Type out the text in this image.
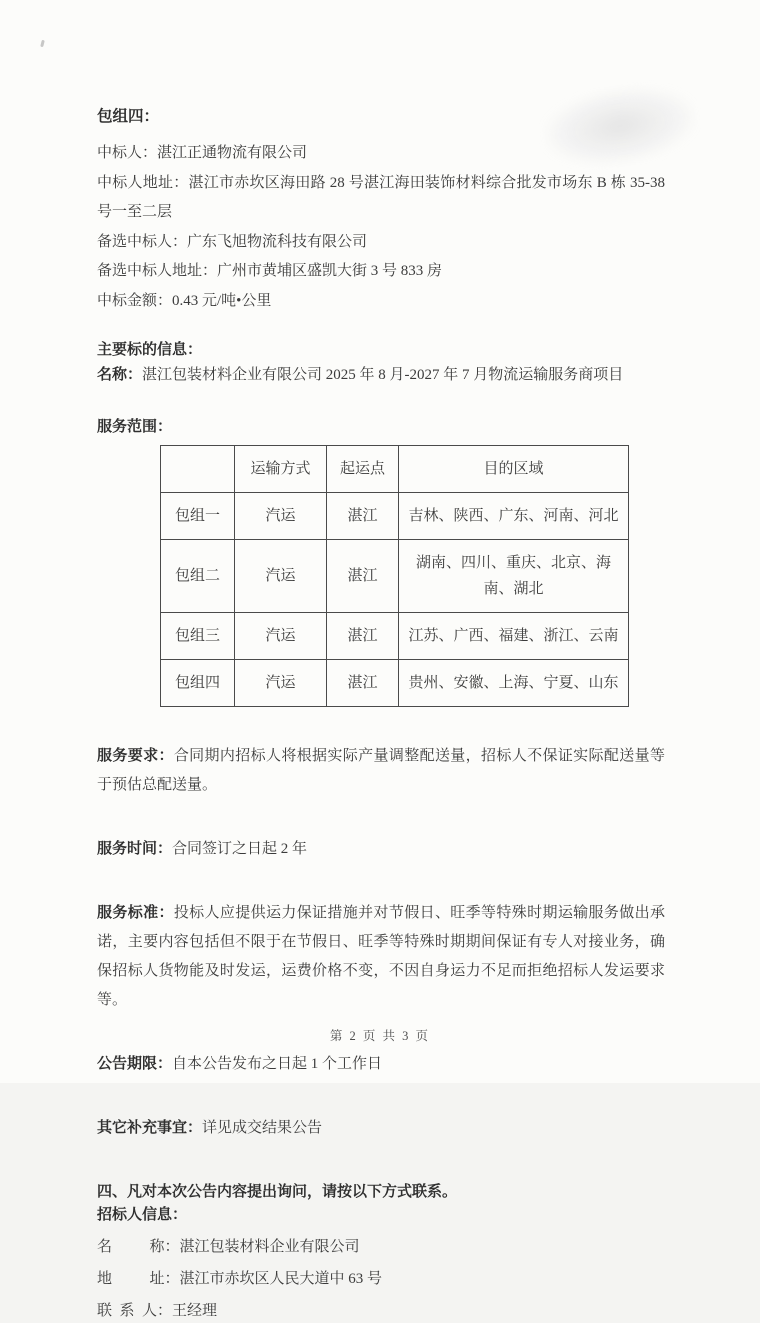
包组四：

中标人：湛江正通物流有限公司

中标人地址：湛江市赤坎区海田路 28 号湛江海田装饰材料综合批发市场东 B 栋 35-38 号一至二层

备选中标人：广东飞旭物流科技有限公司

备选中标人地址：广州市黄埔区盛凯大街 3 号 833 房

中标金额：0.43 元/吨•公里

主要标的信息：

名称：湛江包装材料企业有限公司 2025 年 8 月-2027 年 7 月物流运输服务商项目

服务范围：

	运输方式	起运点	目的区域
包组一	汽运	湛江	吉林、陕西、广东、河南、河北
包组二	汽运	湛江	湖南、四川、重庆、北京、海南、湖北
包组三	汽运	湛江	江苏、广西、福建、浙江、云南
包组四	汽运	湛江	贵州、安徽、上海、宁夏、山东

服务要求：合同期内招标人将根据实际产量调整配送量，招标人不保证实际配送量等于预估总配送量。

服务时间：合同签订之日起 2 年

服务标准：投标人应提供运力保证措施并对节假日、旺季等特殊时期运输服务做出承诺，主要内容包括但不限于在节假日、旺季等特殊时期期间保证有专人对接业务，确保招标人货物能及时发运，运费价格不变，不因自身运力不足而拒绝招标人发运要求等。

公告期限：自本公告发布之日起 1 个工作日

其它补充事宜：详见成交结果公告

四、凡对本次公告内容提出询问，请按以下方式联系。

招标人信息：

名　　 称：湛江包装材料企业有限公司

地　　 址：湛江市赤坎区人民大道中 63 号

联 系 人：王经理

第 2 页 共 3 页
